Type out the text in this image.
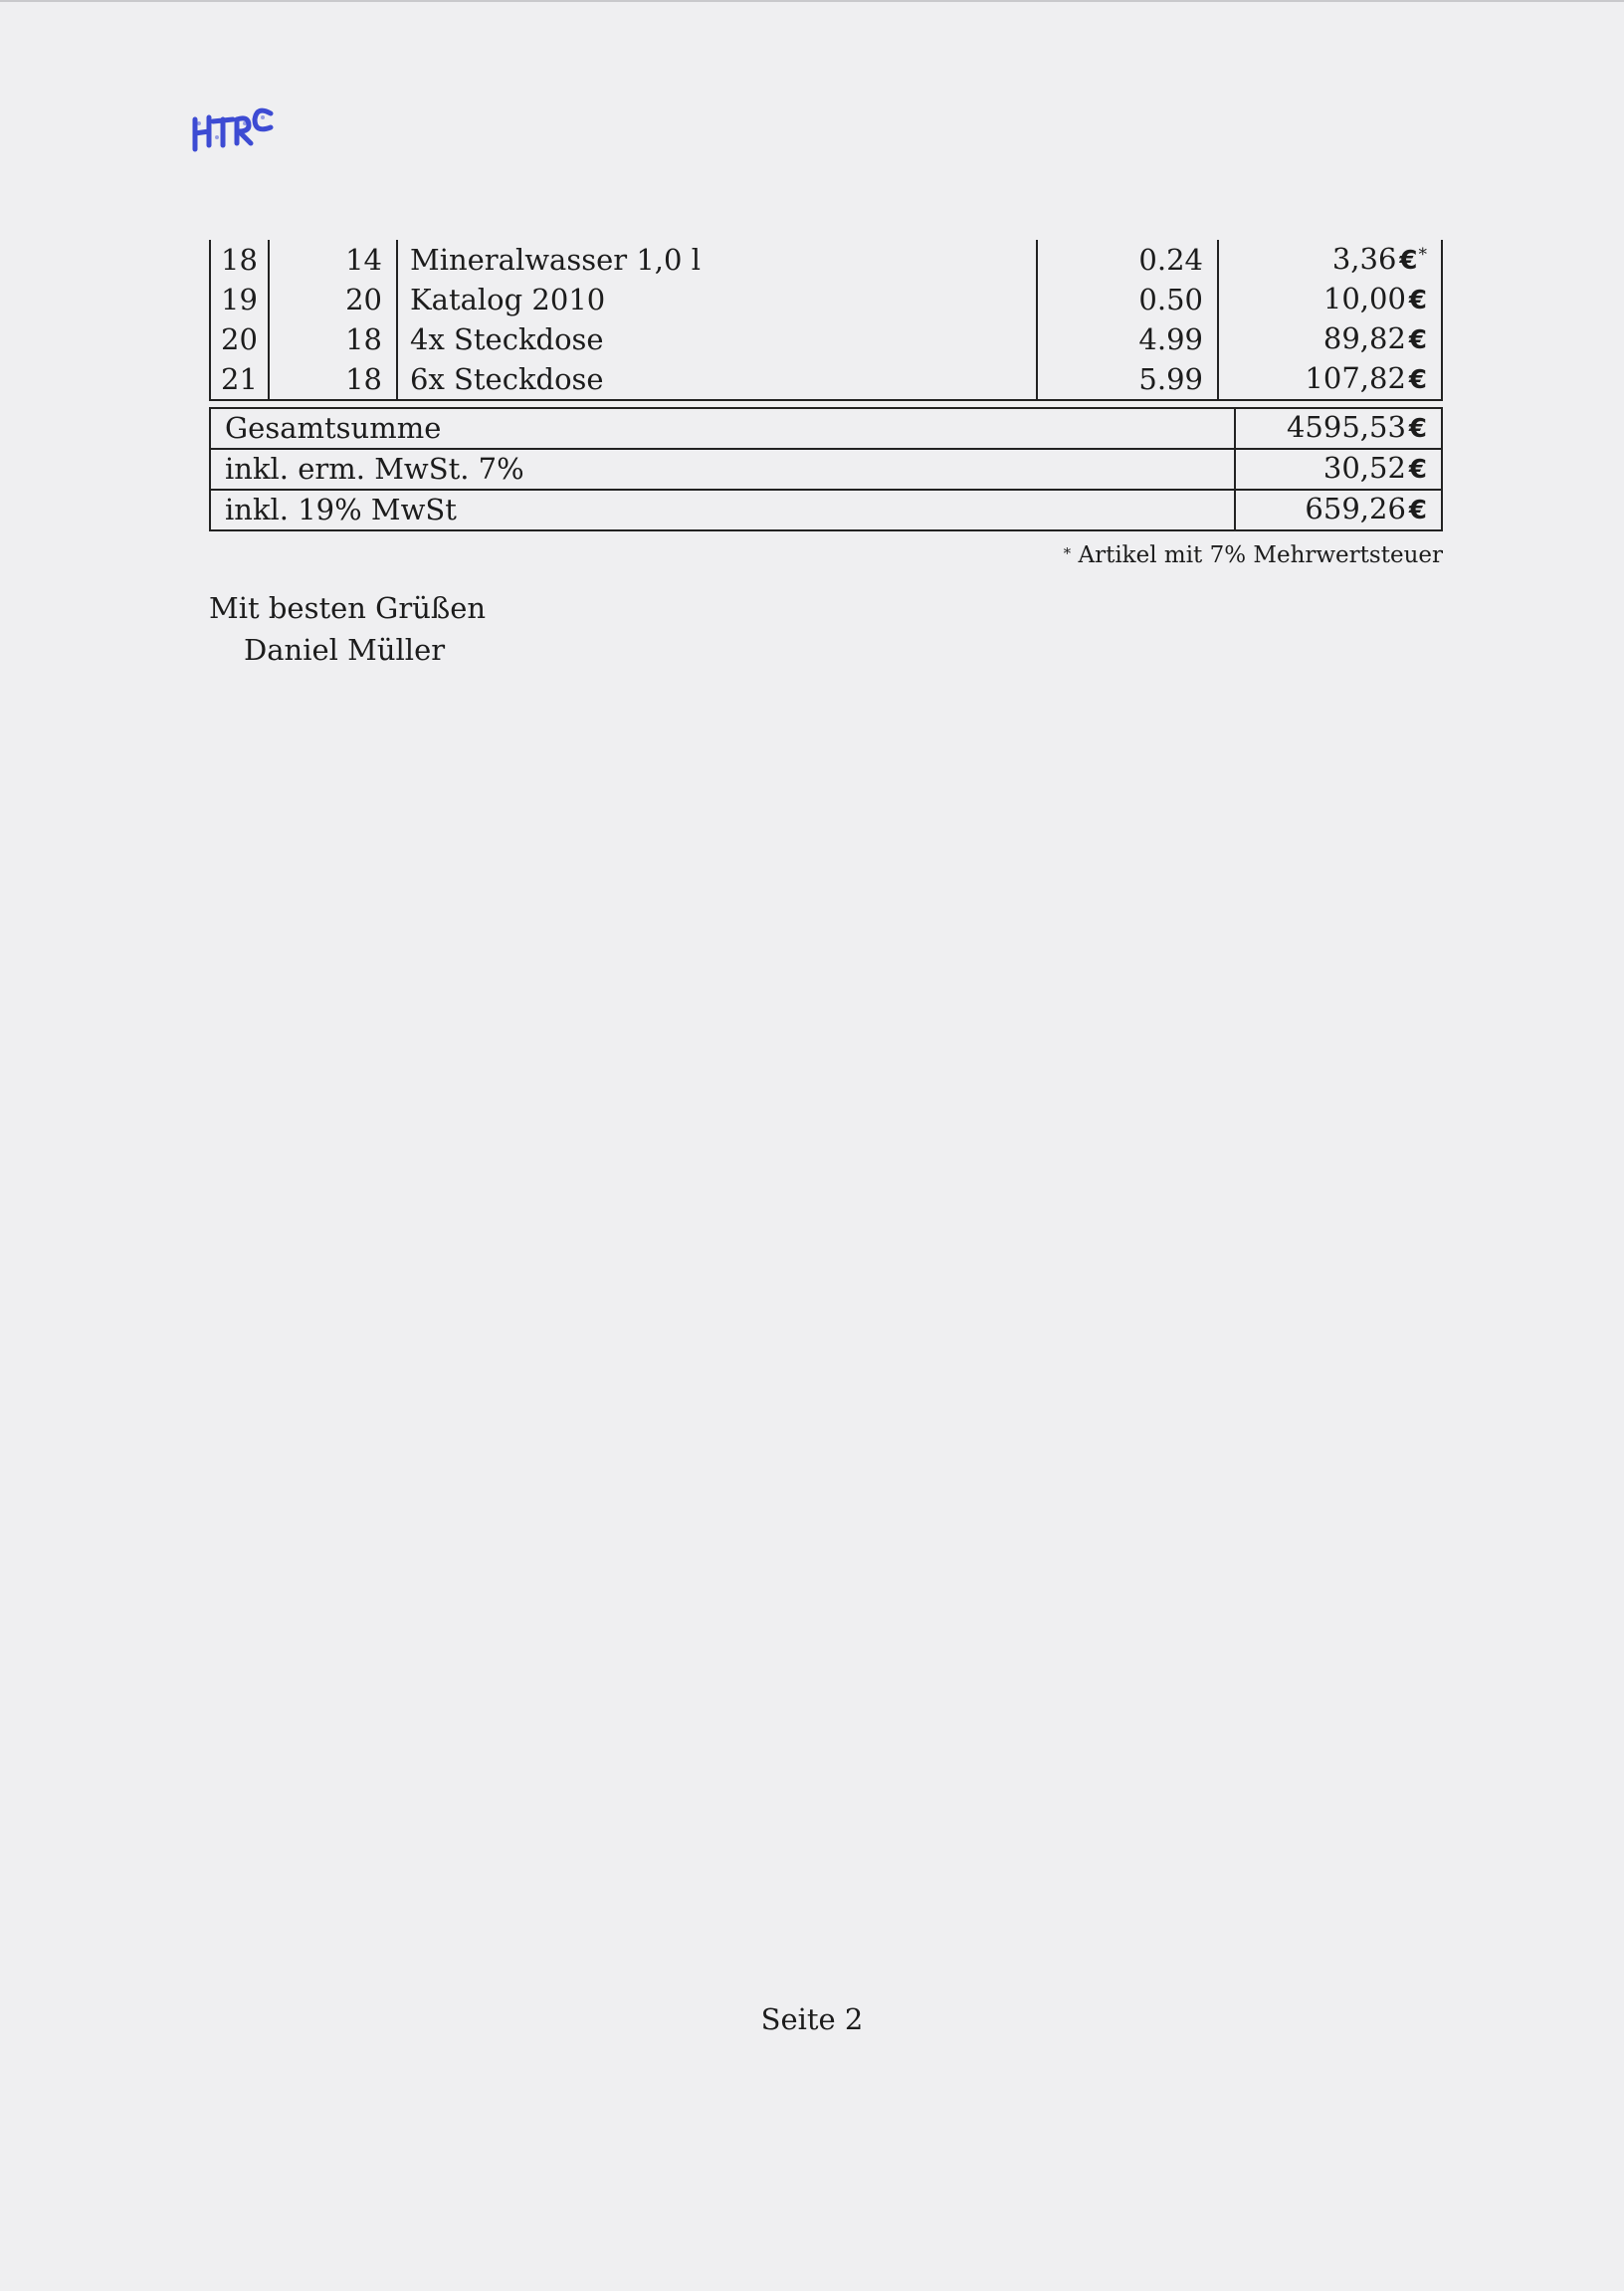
18	14	Mineralwasser 1,0 l	0.24	3,36 €*
19	20	Katalog 2010	0.50	10,00 €
20	18	4x Steckdose	4.99	89,82 €
21	18	6x Steckdose	5.99	107,82 €
Gesamtsumme	4595,53 €
inkl. erm. MwSt. 7%	30,52 €
inkl. 19% MwSt	659,26 €
* Artikel mit 7% Mehrwertsteuer
Mit besten Grüßen
Daniel Müller
Seite 2
